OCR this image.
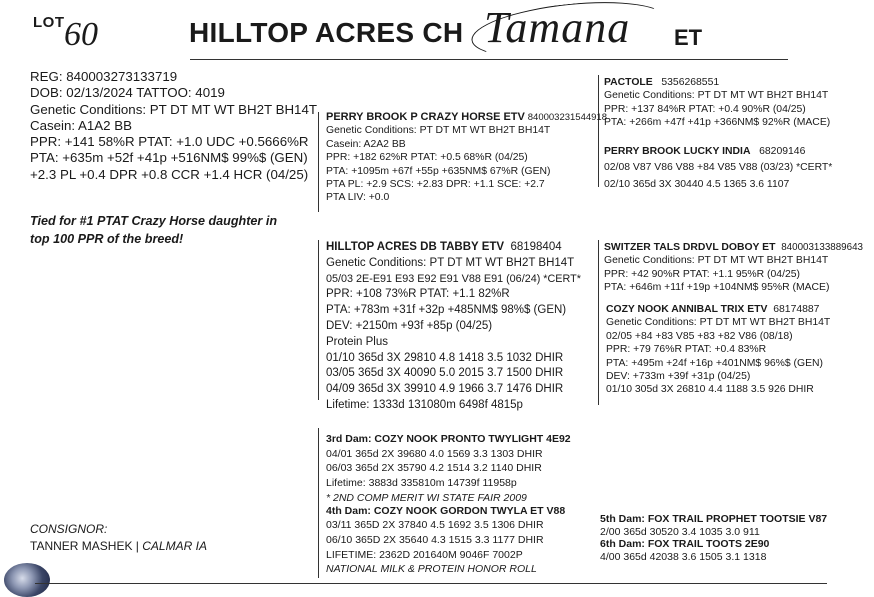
LOT 60	HILLTOP ACRES CH Tamana ET
REG: 840003273133719
DOB: 02/13/2024 TATTOO: 4019
Genetic Conditions: PT DT MT WT BH2T BH14T
Casein: A1A2 BB
PPR: +141 58%R PTAT: +1.0 UDC +0.5666%R
PTA: +635m +52f +41p +516NM$ 99%$ (GEN)
+2.3 PL +0.4 DPR +0.8 CCR +1.4 HCR (04/25)
Tied for #1 PTAT Crazy Horse daughter in
top 100 PPR of the breed!
PERRY BROOK P CRAZY HORSE ETV 840003231544918
Genetic Conditions: PT DT MT WT BH2T BH14T
Casein: A2A2 BB
PPR: +182 62%R PTAT: +0.5 68%R (04/25)
PTA: +1095m +67f +55p +635NM$ 67%R (GEN)
PTA PL: +2.9 SCS: +2.83 DPR: +1.1 SCE: +2.7
PTA LIV: +0.0
PACTOLE 5356268551
Genetic Conditions: PT DT MT WT BH2T BH14T
PPR: +137 84%R PTAT: +0.4 90%R (04/25)
PTA: +266m +47f +41p +366NM$ 92%R (MACE)
PERRY BROOK LUCKY INDIA 68209146
02/08 V87 V86 V88 +84 V85 V88 (03/23) *CERT*
02/10 365d 3X 30440 4.5 1365 3.6 1107
HILLTOP ACRES DB TABBY ETV 68198404
Genetic Conditions: PT DT MT WT BH2T BH14T
05/03 2E-E91 E93 E92 E91 V88 E91 (06/24) *CERT*
PPR: +108 73%R PTAT: +1.1 82%R
PTA: +783m +31f +32p +485NM$ 98%$ (GEN)
DEV: +2150m +93f +85p (04/25)
Protein Plus
01/10 365d 3X 29810 4.8 1418 3.5 1032 DHIR
03/05 365d 3X 40090 5.0 2015 3.7 1500 DHIR
04/09 365d 3X 39910 4.9 1966 3.7 1476 DHIR
Lifetime: 1333d 131080m 6498f 4815p
SWITZER TALS DRDVL DOBOY ET 840003133889643
Genetic Conditions: PT DT MT WT BH2T BH14T
PPR: +42 90%R PTAT: +1.1 95%R (04/25)
PTA: +646m +11f +19p +104NM$ 95%R (MACE)
COZY NOOK ANNIBAL TRIX ETV 68174887
Genetic Conditions: PT DT MT WT BH2T BH14T
02/05 +84 +83 V85 +83 +82 V86 (08/18)
PPR: +79 76%R PTAT: +0.4 83%R
PTA: +495m +24f +16p +401NM$ 96%$ (GEN)
DEV: +733m +39f +31p (04/25)
01/10 305d 3X 26810 4.4 1188 3.5 926 DHIR
3rd Dam: COZY NOOK PRONTO TWYLIGHT 4E92
04/01 365d 2X 39680 4.0 1569 3.3 1303 DHIR
06/03 365d 2X 35790 4.2 1514 3.2 1140 DHIR
Lifetime: 3883d 335810m 14739f 11958p
* 2ND COMP MERIT WI STATE FAIR 2009
4th Dam: COZY NOOK GORDON TWYLA ET V88
03/11 365D 2X 37840 4.5 1692 3.5 1306 DHIR
06/10 365D 2X 35640 4.3 1515 3.3 1177 DHIR
LIFETIME: 2362D 201640M 9046F 7002P
NATIONAL MILK & PROTEIN HONOR ROLL
5th Dam: FOX TRAIL PROPHET TOOTSIE V87
2/00 365d 30520 3.4 1035 3.0 911
6th Dam: FOX TRAIL TOOTS 2E90
4/00 365d 42038 3.6 1505 3.1 1318
CONSIGNOR:
TANNER MASHEK | CALMAR IA
